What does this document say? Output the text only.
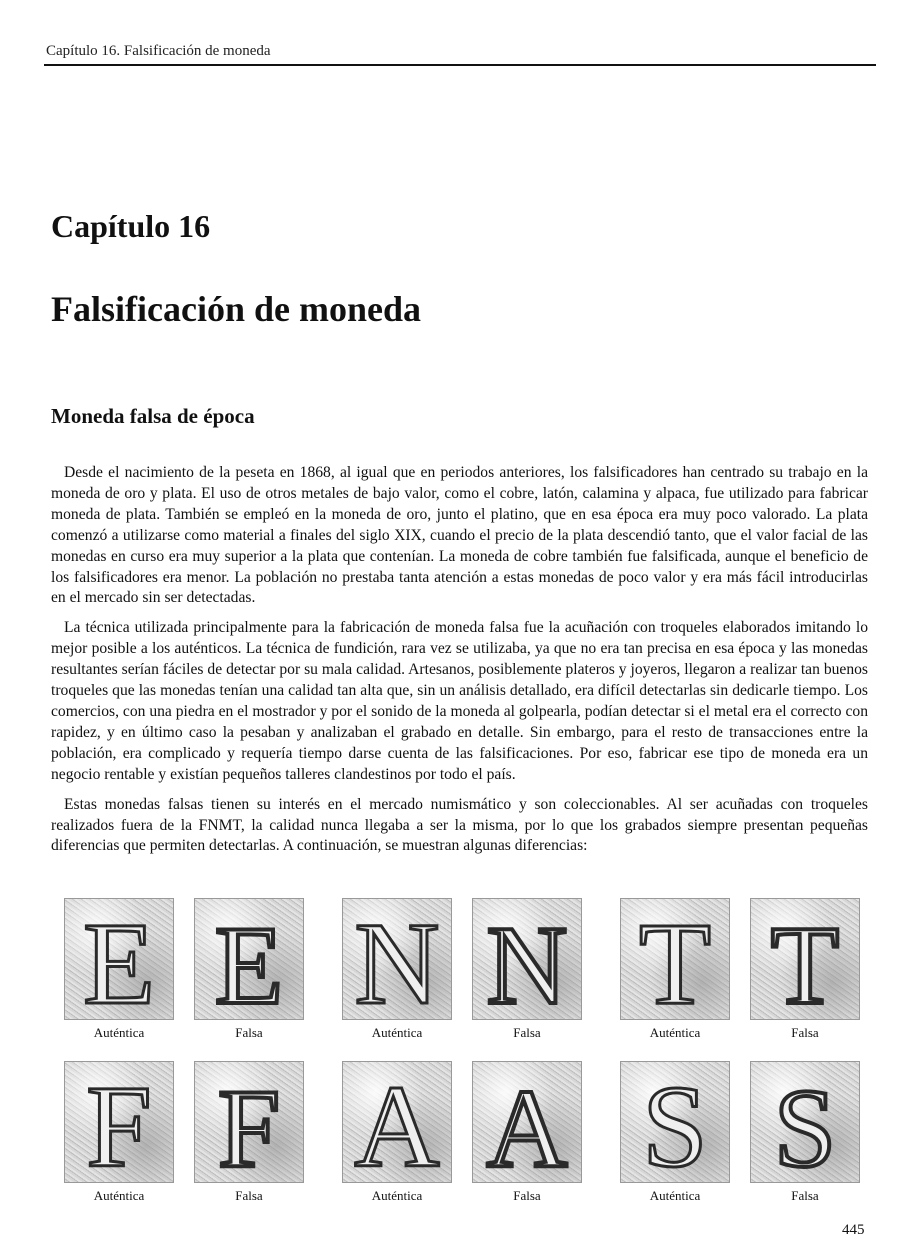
Capítulo 16. Falsificación de moneda
Capítulo 16
Falsificación de moneda
Moneda falsa de época

Desde el nacimiento de la peseta en 1868, al igual que en periodos anteriores, los falsificadores han centrado su trabajo en la moneda de oro y plata. El uso de otros metales de bajo valor, como el cobre, latón, calamina y alpaca, fue utilizado para fabricar moneda de plata. También se empleó en la moneda de oro, junto el platino, que en esa época era muy poco valorado. La plata comenzó a utilizarse como material a finales del siglo XIX, cuando el precio de la plata descendió tanto, que el valor facial de las monedas en curso era muy superior a la plata que contenían. La moneda de cobre también fue falsificada, aunque el beneficio de los falsificadores era menor. La población no prestaba tanta atención a estas monedas de poco valor y era más fácil introducirlas en el mercado sin ser detectadas.

La técnica utilizada principalmente para la fabricación de moneda falsa fue la acuñación con troqueles elaborados imitando lo mejor posible a los auténticos. La técnica de fundición, rara vez se utilizaba, ya que no era tan precisa en esa época y las monedas resultantes serían fáciles de detectar por su mala calidad. Artesanos, posiblemente plateros y joyeros, llegaron a realizar tan buenos troqueles que las monedas tenían una calidad tan alta que, sin un análisis detallado, era difícil detectarlas sin dedicarle tiempo. Los comercios, con una piedra en el mostrador y por el sonido de la moneda al golpearla, podían detectar si el metal era el correcto con rapidez, y en último caso la pesaban y analizaban el grabado en detalle. Sin embargo, para el resto de transacciones entre la población, era complicado y requería tiempo darse cuenta de las falsificaciones. Por eso, fabricar ese tipo de moneda era un negocio rentable y existían pequeños talleres clandestinos por todo el país.

Estas monedas falsas tienen su interés en el mercado numismático y son coleccionables. Al ser acuñadas con troqueles realizados fuera de la FNMT, la calidad nunca llegaba a ser la misma, por lo que los grabados siempre presentan pequeñas diferencias que permiten detectarlas. A continuación, se muestran algunas diferencias:

E
Auténtica
E
Falsa
N
Auténtica
N
Falsa
T
Auténtica
T
Falsa
F
Auténtica
F
Falsa
A
Auténtica
A
Falsa
S
Auténtica
S
Falsa
445
